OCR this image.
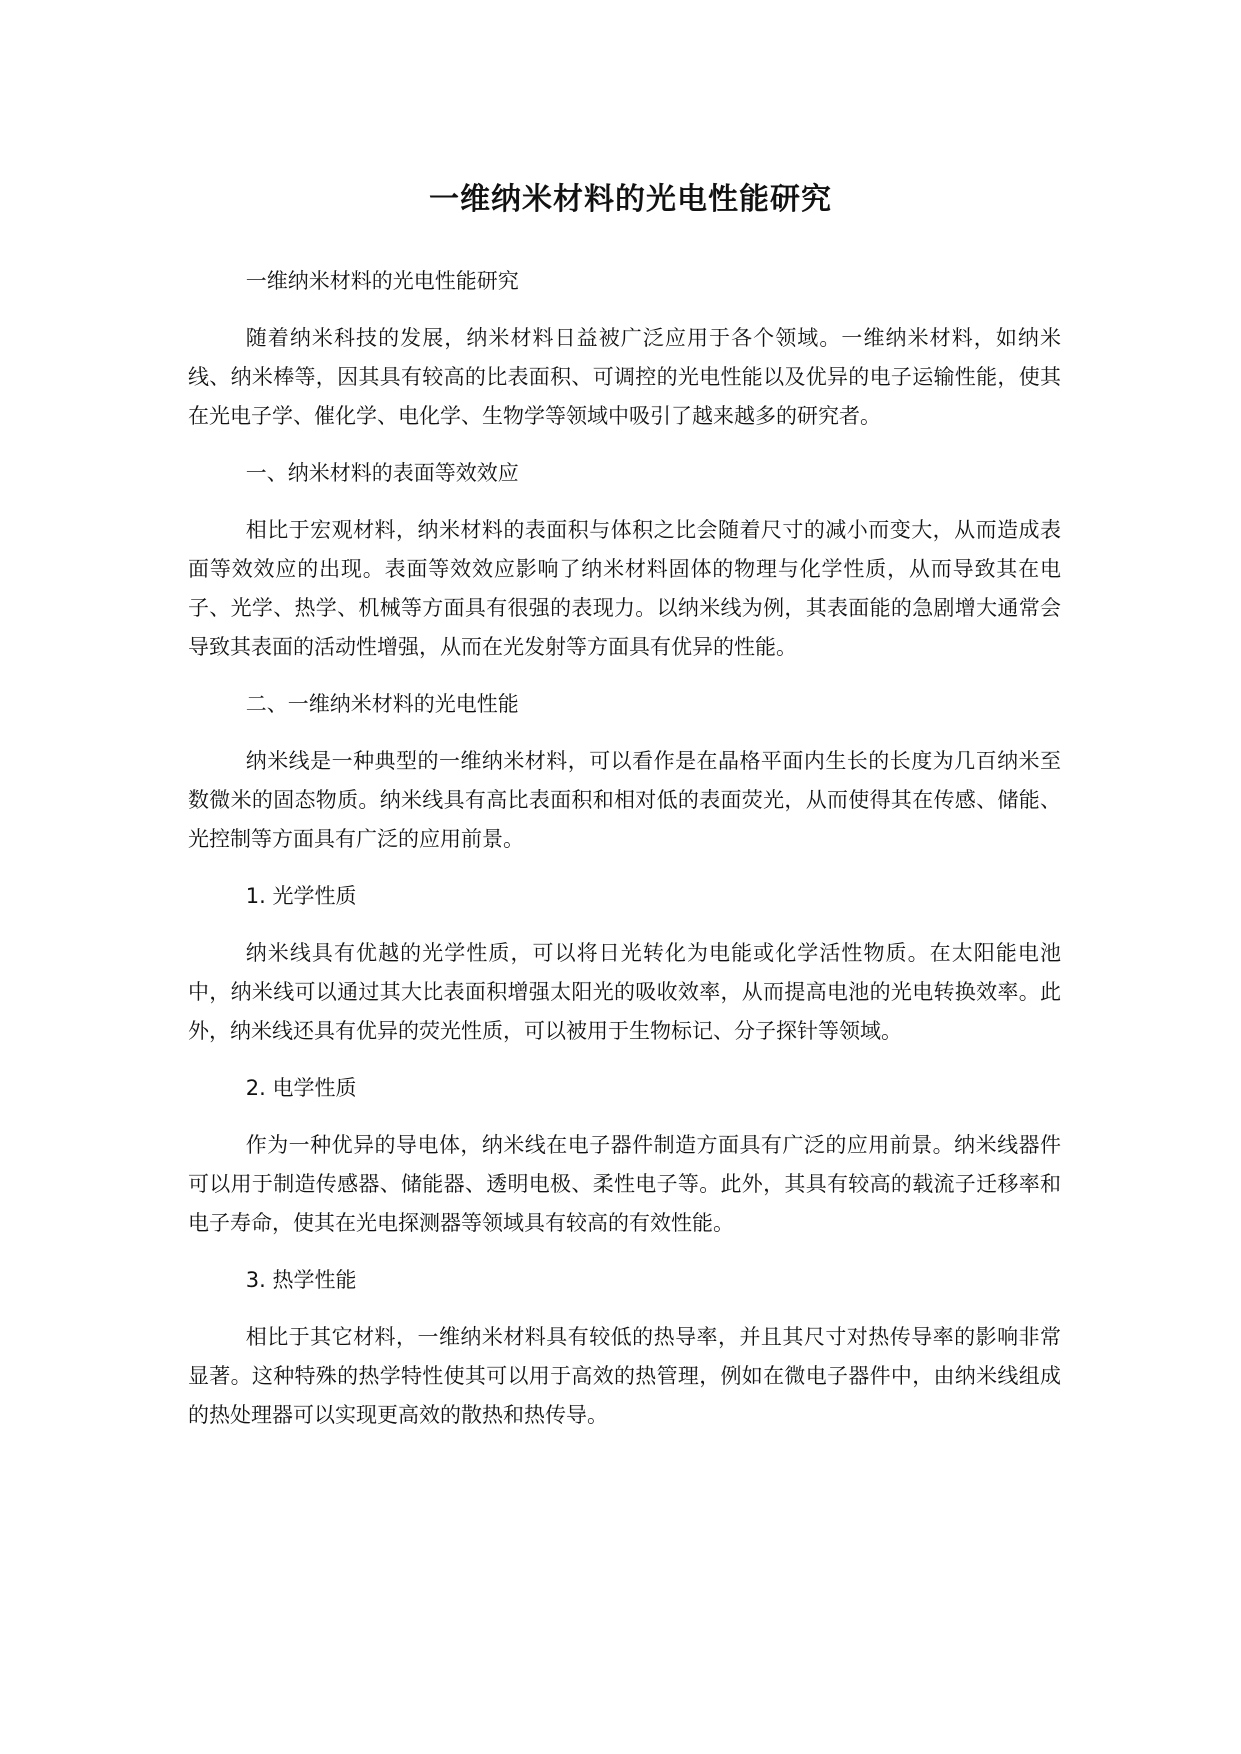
一维纳米材料的光电性能研究

一维纳米材料的光电性能研究

随着纳米科技的发展，纳米材料日益被广泛应用于各个领域。一维纳米材料，如纳米线、纳米棒等，因其具有较高的比表面积、可调控的光电性能以及优异的电子运输性能，使其在光电子学、催化学、电化学、生物学等领域中吸引了越来越多的研究者。

一、纳米材料的表面等效效应

相比于宏观材料，纳米材料的表面积与体积之比会随着尺寸的减小而变大，从而造成表面等效效应的出现。表面等效效应影响了纳米材料固体的物理与化学性质，从而导致其在电子、光学、热学、机械等方面具有很强的表现力。以纳米线为例，其表面能的急剧增大通常会导致其表面的活动性增强，从而在光发射等方面具有优异的性能。

二、一维纳米材料的光电性能

纳米线是一种典型的一维纳米材料，可以看作是在晶格平面内生长的长度为几百纳米至数微米的固态物质。纳米线具有高比表面积和相对低的表面荧光，从而使得其在传感、储能、光控制等方面具有广泛的应用前景。

1. 光学性质

纳米线具有优越的光学性质，可以将日光转化为电能或化学活性物质。在太阳能电池中，纳米线可以通过其大比表面积增强太阳光的吸收效率，从而提高电池的光电转换效率。此外，纳米线还具有优异的荧光性质，可以被用于生物标记、分子探针等领域。

2. 电学性质

作为一种优异的导电体，纳米线在电子器件制造方面具有广泛的应用前景。纳米线器件可以用于制造传感器、储能器、透明电极、柔性电子等。此外，其具有较高的载流子迁移率和电子寿命，使其在光电探测器等领域具有较高的有效性能。

3. 热学性能

相比于其它材料，一维纳米材料具有较低的热导率，并且其尺寸对热传导率的影响非常显著。这种特殊的热学特性使其可以用于高效的热管理，例如在微电子器件中，由纳米线组成的热处理器可以实现更高效的散热和热传导。
